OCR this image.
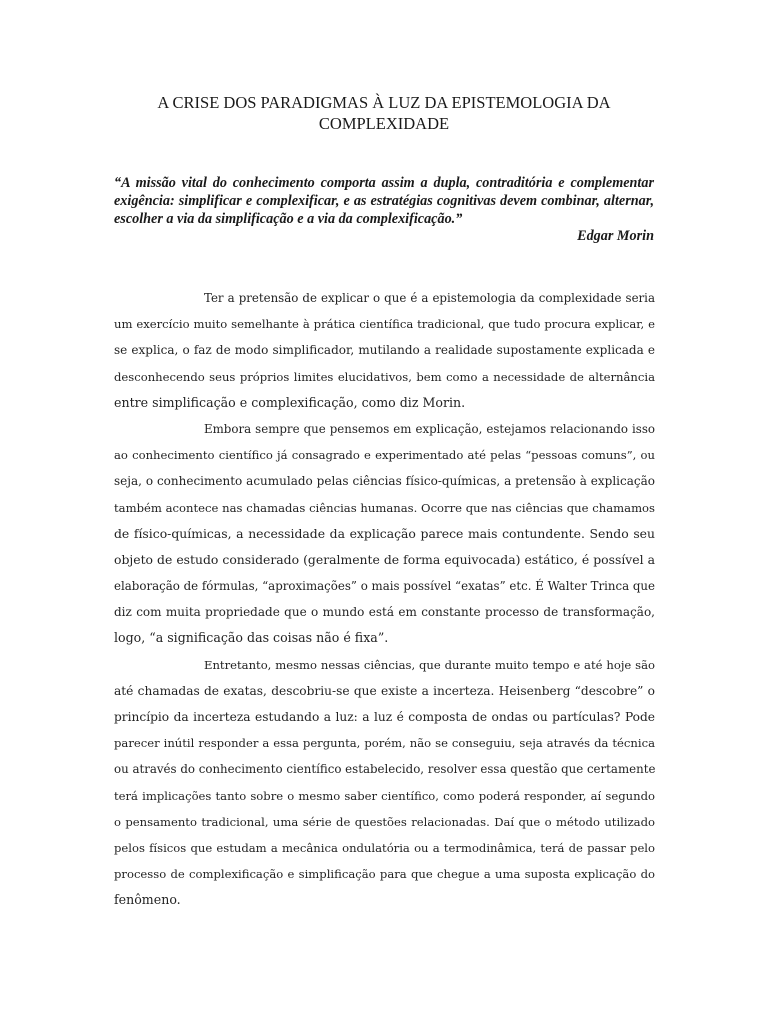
A CRISE DOS PARADIGMAS À LUZ DA EPISTEMOLOGIA DA
COMPLEXIDADE
“A missão vital do conhecimento comporta assim a dupla, contraditória e complementar exigência: simplificar e complexificar, e as estratégias cognitivas devem combinar, alternar, escolher a via da simplificação e a via da complexificação.”
Edgar Morin
Ter a pretensão de explicar o que é a epistemologia da complexidade seria
um exercício muito semelhante à prática científica tradicional, que tudo procura explicar, e
se explica, o faz de modo simplificador, mutilando a realidade supostamente explicada e
desconhecendo seus próprios limites elucidativos, bem como a necessidade de alternância
entre simplificação e complexificação, como diz Morin.
Embora sempre que pensemos em explicação, estejamos relacionando isso
ao conhecimento científico já consagrado e experimentado até pelas “pessoas comuns”, ou
seja, o conhecimento acumulado pelas ciências físico-químicas, a pretensão à explicação
também acontece nas chamadas ciências humanas. Ocorre que nas ciências que chamamos
de físico-químicas, a necessidade da explicação parece mais contundente. Sendo seu
objeto de estudo considerado (geralmente de forma equivocada) estático, é possível a
elaboração de fórmulas, “aproximações” o mais possível “exatas” etc. É Walter Trinca que
diz com muita propriedade que o mundo está em constante processo de transformação,
logo, “a significação das coisas não é fixa”.
Entretanto, mesmo nessas ciências, que durante muito tempo e até hoje são
até chamadas de exatas, descobriu-se que existe a incerteza. Heisenberg “descobre” o
princípio da incerteza estudando a luz: a luz é composta de ondas ou partículas? Pode
parecer inútil responder a essa pergunta, porém, não se conseguiu, seja através da técnica
ou através do conhecimento científico estabelecido, resolver essa questão que certamente
terá implicações tanto sobre o mesmo saber científico, como poderá responder, aí segundo
o pensamento tradicional, uma série de questões relacionadas. Daí que o método utilizado
pelos físicos que estudam a mecânica ondulatória ou a termodinâmica, terá de passar pelo
processo de complexificação e simplificação para que chegue a uma suposta explicação do
fenômeno.
